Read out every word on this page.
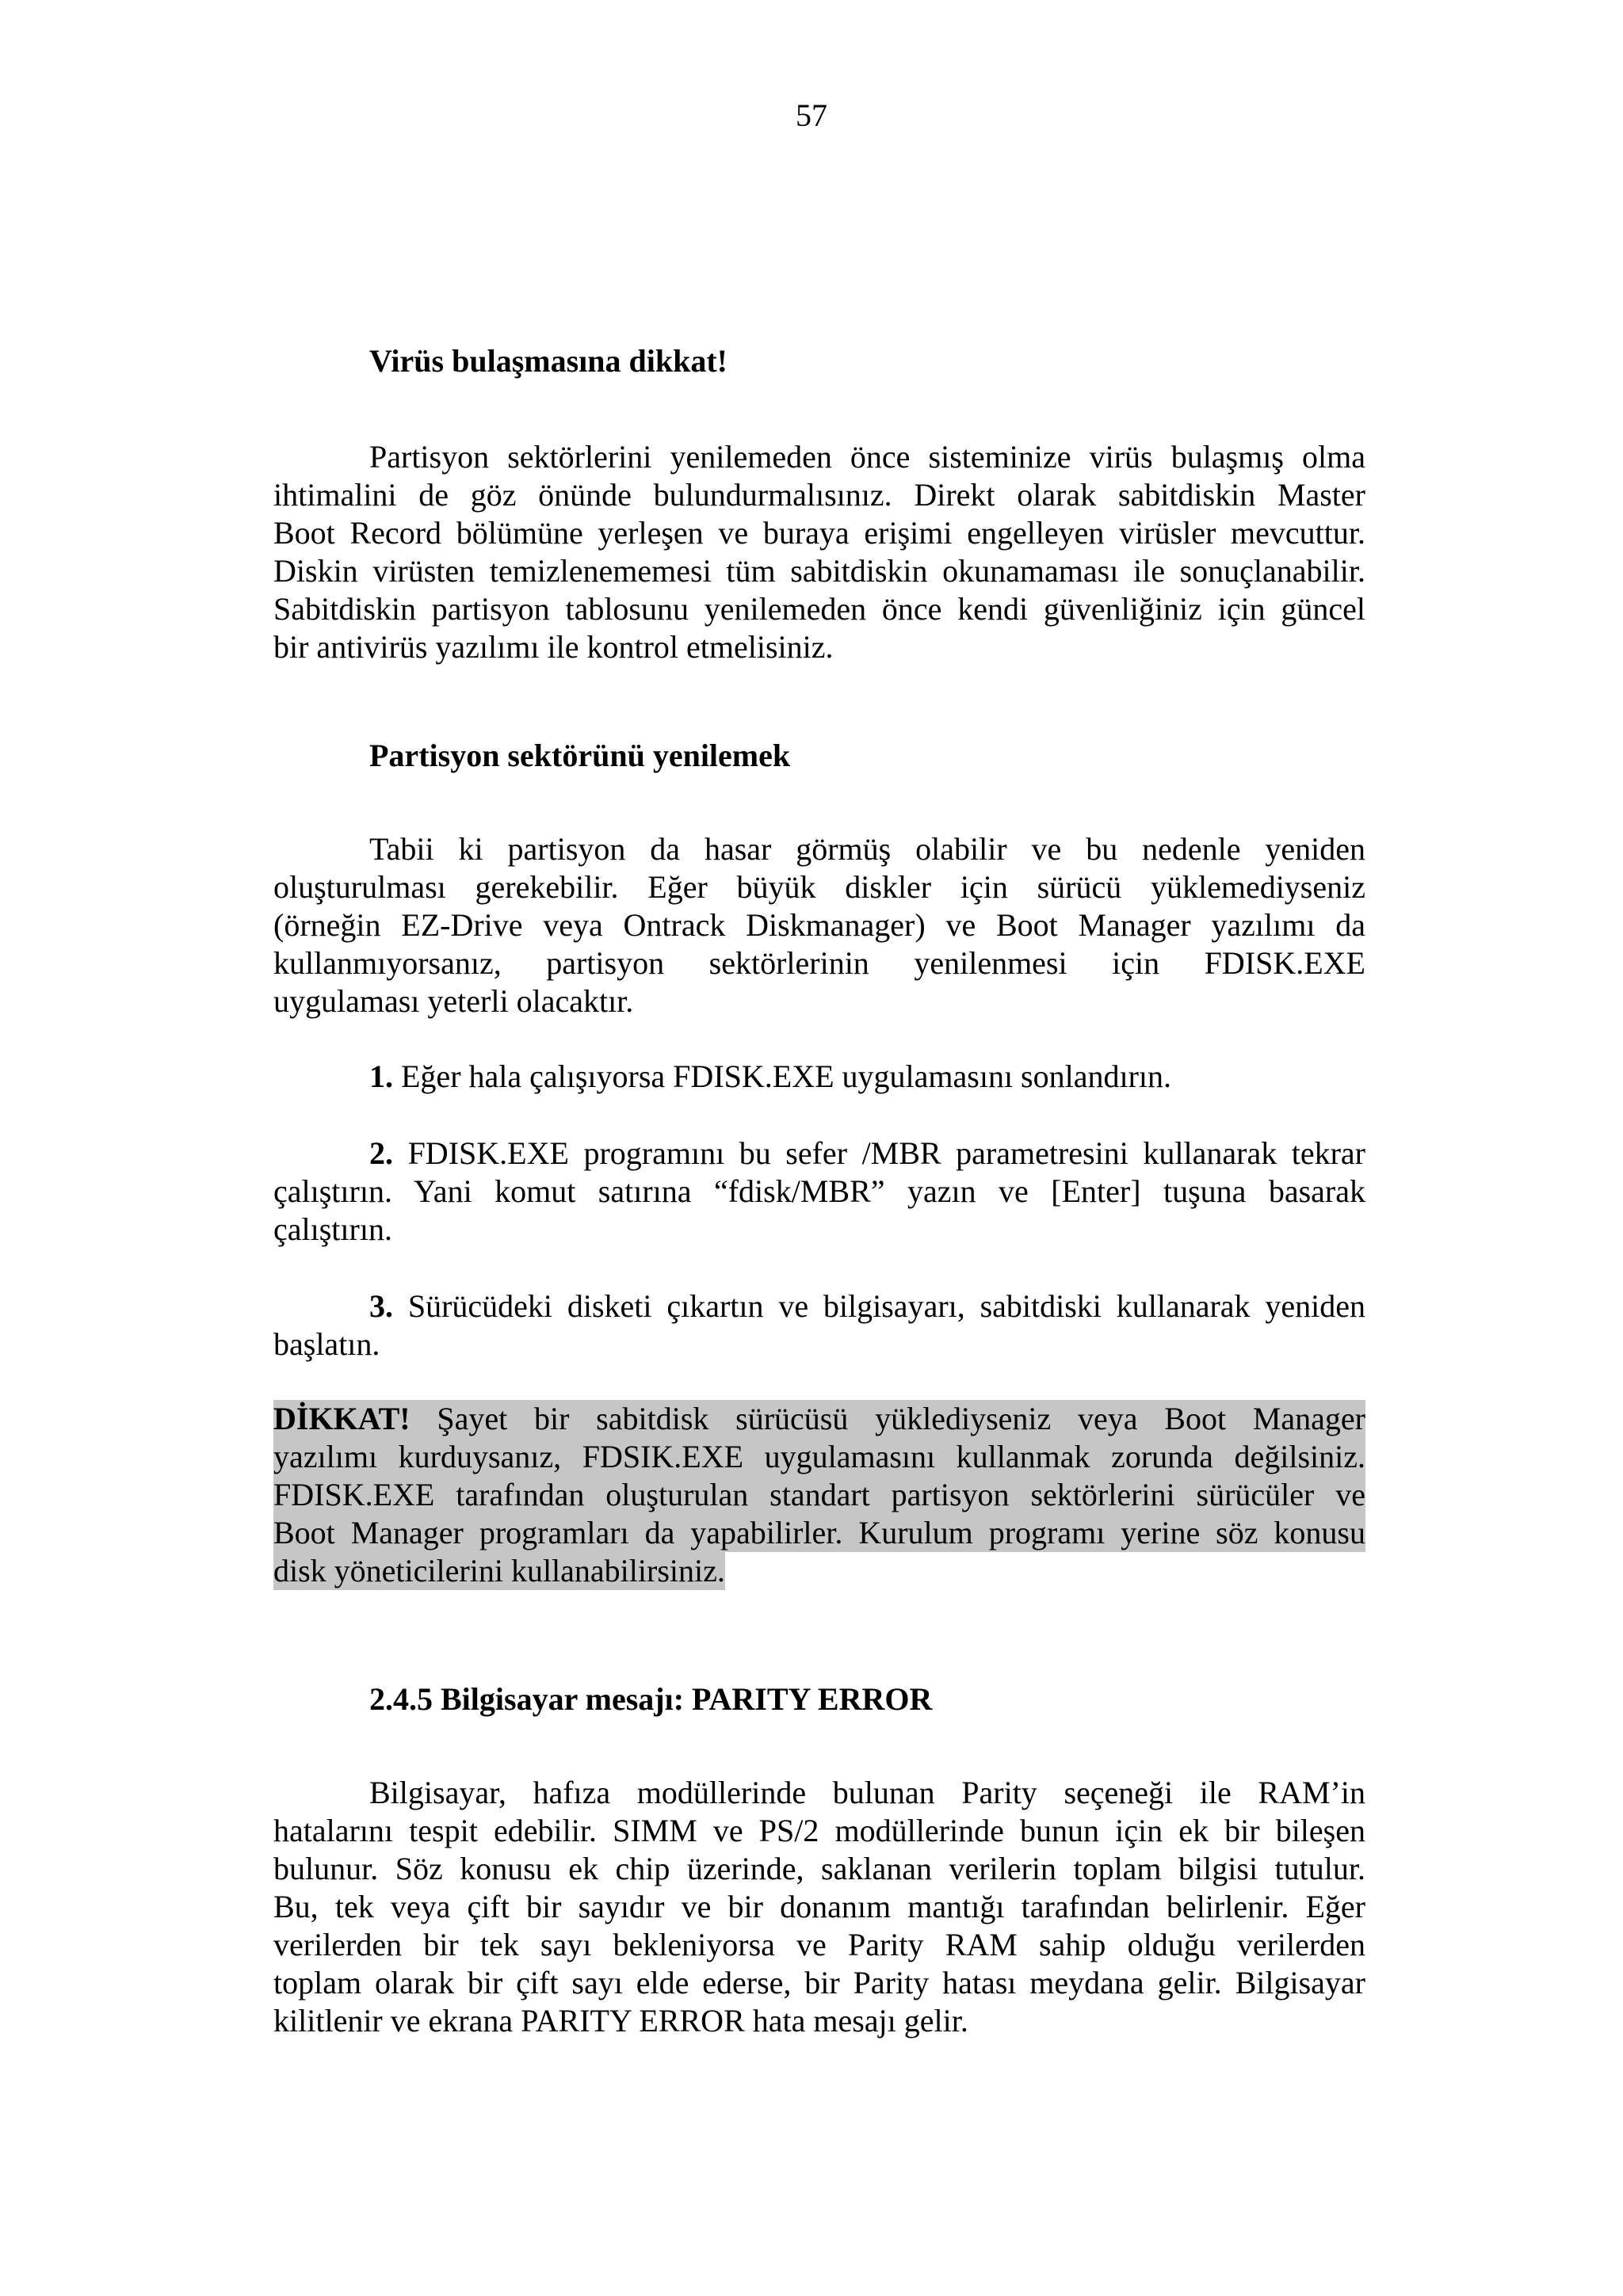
57
Virüs bulaşmasına dikkat!
Partisyon sektörlerini yenilemeden önce sisteminize virüs bulaşmış olma
ihtimalini de göz önünde bulundurmalısınız. Direkt olarak sabitdiskin Master
Boot Record bölümüne yerleşen ve buraya erişimi engelleyen virüsler mevcuttur.
Diskin virüsten temizlenememesi tüm sabitdiskin okunamaması ile sonuçlanabilir.
Sabitdiskin partisyon tablosunu yenilemeden önce kendi güvenliğiniz için güncel
bir antivirüs yazılımı ile kontrol etmelisiniz.
Partisyon sektörünü yenilemek
Tabii ki partisyon da hasar görmüş olabilir ve bu nedenle yeniden
oluşturulması gerekebilir. Eğer büyük diskler için sürücü yüklemediyseniz
(örneğin EZ-Drive veya Ontrack Diskmanager) ve Boot Manager yazılımı da
kullanmıyorsanız, partisyon sektörlerinin yenilenmesi için FDISK.EXE
uygulaması yeterli olacaktır.
1. Eğer hala çalışıyorsa FDISK.EXE uygulamasını sonlandırın.
2. FDISK.EXE programını bu sefer /MBR parametresini kullanarak tekrar
çalıştırın. Yani komut satırına “fdisk/MBR” yazın ve [Enter] tuşuna basarak
çalıştırın.
3. Sürücüdeki disketi çıkartın ve bilgisayarı, sabitdiski kullanarak yeniden
başlatın.
DİKKAT! Şayet bir sabitdisk sürücüsü yüklediyseniz veya Boot Manager
yazılımı kurduysanız, FDSIK.EXE uygulamasını kullanmak zorunda değilsiniz.
FDISK.EXE tarafından oluşturulan standart partisyon sektörlerini sürücüler ve
Boot Manager programları da yapabilirler. Kurulum programı yerine söz konusu
disk yöneticilerini kullanabilirsiniz.
2.4.5 Bilgisayar mesajı: PARITY ERROR
Bilgisayar, hafıza modüllerinde bulunan Parity seçeneği ile RAM’in
hatalarını tespit edebilir. SIMM ve PS/2 modüllerinde bunun için ek bir bileşen
bulunur. Söz konusu ek chip üzerinde, saklanan verilerin toplam bilgisi tutulur.
Bu, tek veya çift bir sayıdır ve bir donanım mantığı tarafından belirlenir. Eğer
verilerden bir tek sayı bekleniyorsa ve Parity RAM sahip olduğu verilerden
toplam olarak bir çift sayı elde ederse, bir Parity hatası meydana gelir. Bilgisayar
kilitlenir ve ekrana PARITY ERROR hata mesajı gelir.
